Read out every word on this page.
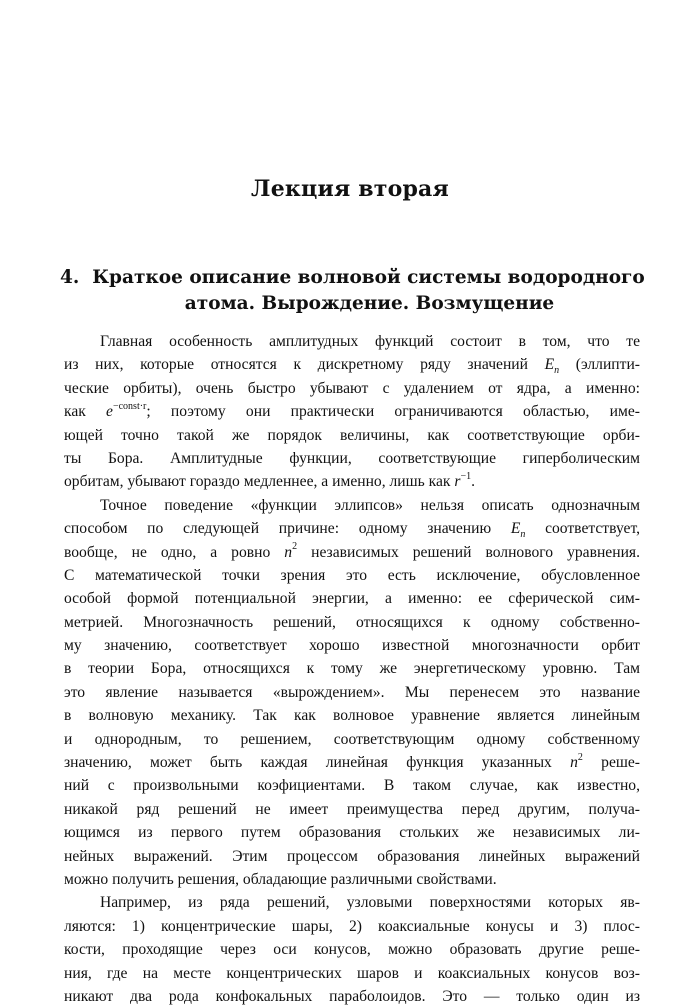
Лекция вторая
4. Краткое описание волновой системы водородного
атома. Вырождение. Возмущение
Главная особенность амплитудных функций состоит в том, что те
из них, которые относятся к дискретному ряду значений $E_n$ (эллипти-
ческие орбиты), очень быстро убывают с удалением от ядра, а именно:
как $e^{-const\cdot r}$; поэтому они практически ограничиваются областью, име-
ющей точно такой же порядок величины, как соответствующие орби-
ты Бора. Амплитудные функции, соответствующие гиперболическим
орбитам, убывают гораздо медленнее, а именно, лишь как $r^{-1}$.
Точное поведение «функции эллипсов» нельзя описать однозначным
способом по следующей причине: одному значению $E_n$ соответствует,
вообще, не одно, а ровно $n^2$ независимых решений волнового уравнения.
С математической точки зрения это есть исключение, обусловленное
особой формой потенциальной энергии, а именно: ее сферической сим-
метрией. Многозначность решений, относящихся к одному собственно-
му значению, соответствует хорошо известной многозначности орбит
в теории Бора, относящихся к тому же энергетическому уровню. Там
это явление называется «вырождением». Мы перенесем это название
в волновую механику. Так как волновое уравнение является линейным
и однородным, то решением, соответствующим одному собственному
значению, может быть каждая линейная функция указанных $n^2$ реше-
ний с произвольными коэфициентами. В таком случае, как известно,
никакой ряд решений не имеет преимущества перед другим, получа-
ющимся из первого путем образования стольких же независимых ли-
нейных выражений. Этим процессом образования линейных выражений
можно получить решения, обладающие различными свойствами.
Например, из ряда решений, узловыми поверхностями которых яв-
ляются: 1) концентрические шары, 2) коаксиальные конусы и 3) плос-
кости, проходящие через оси конусов, можно образовать другие реше-
ния, где на месте концентрических шаров и коаксиальных конусов воз-
никают два рода конфокальных параболоидов. Это — только один из
